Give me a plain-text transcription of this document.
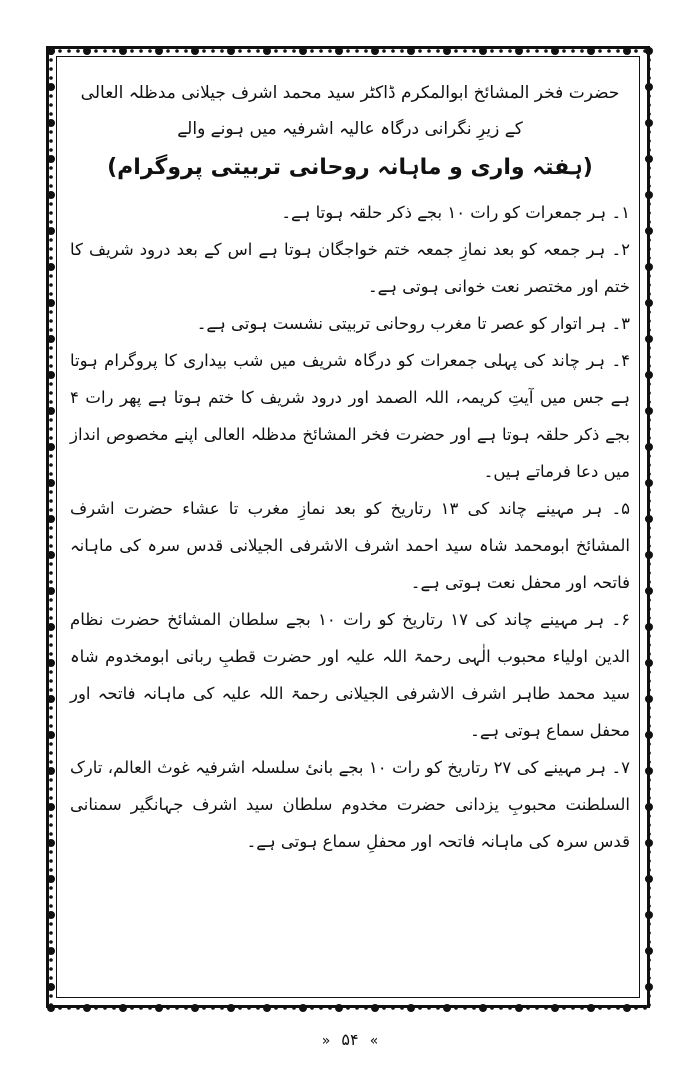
حضرت فخر المشائخ ابوالمکرم ڈاکٹر سید محمد اشرف جیلانی مدظلہ العالی

کے زیرِ نگرانی درگاہ عالیہ اشرفیہ میں ہونے والے

(ہفتہ واری و ماہانہ روحانی تربیتی پروگرام)

۱۔ ہر جمعرات کو رات ۱۰ بجے ذکر حلقہ ہوتا ہے۔

۲۔ ہر جمعہ کو بعد نمازِ جمعہ ختم خواجگان ہوتا ہے اس کے بعد درود شریف کا ختم اور مختصر نعت خوانی ہوتی ہے۔

۳۔ ہر اتوار کو عصر تا مغرب روحانی تربیتی نشست ہوتی ہے۔

۴۔ ہر چاند کی پہلی جمعرات کو درگاہ شریف میں شب بیداری کا پروگرام ہوتا ہے جس میں آیتِ کریمہ، اللہ الصمد اور درود شریف کا ختم ہوتا ہے پھر رات ۴ بجے ذکر حلقہ ہوتا ہے اور حضرت فخر المشائخ مدظلہ العالی اپنے مخصوص انداز میں دعا فرماتے ہیں۔

۵۔ ہر مہینے چاند کی ۱۳ رتاریخ کو بعد نمازِ مغرب تا عشاء حضرت اشرف المشائخ ابومحمد شاہ سید احمد اشرف الاشرفی الجیلانی قدس سرہ کی ماہانہ فاتحہ اور محفل نعت ہوتی ہے۔

۶۔ ہر مہینے چاند کی ۱۷ رتاریخ کو رات ۱۰ بجے سلطان المشائخ حضرت نظام الدین اولیاء محبوب الٰہی رحمۃ اللہ علیہ اور حضرت قطبِ ربانی ابومخدوم شاہ سید محمد طاہر اشرف الاشرفی الجیلانی رحمۃ اللہ علیہ کی ماہانہ فاتحہ اور محفل سماع ہوتی ہے۔

۷۔ ہر مہینے کی ۲۷ رتاریخ کو رات ۱۰ بجے بانیٔ سلسلہ اشرفیہ غوث العالم، تارک السلطنت محبوبِ یزدانی حضرت مخدوم سلطان سید اشرف جہانگیر سمنانی قدس سرہ کی ماہانہ فاتحہ اور محفلِ سماع ہوتی ہے۔

» ۵۴ «
